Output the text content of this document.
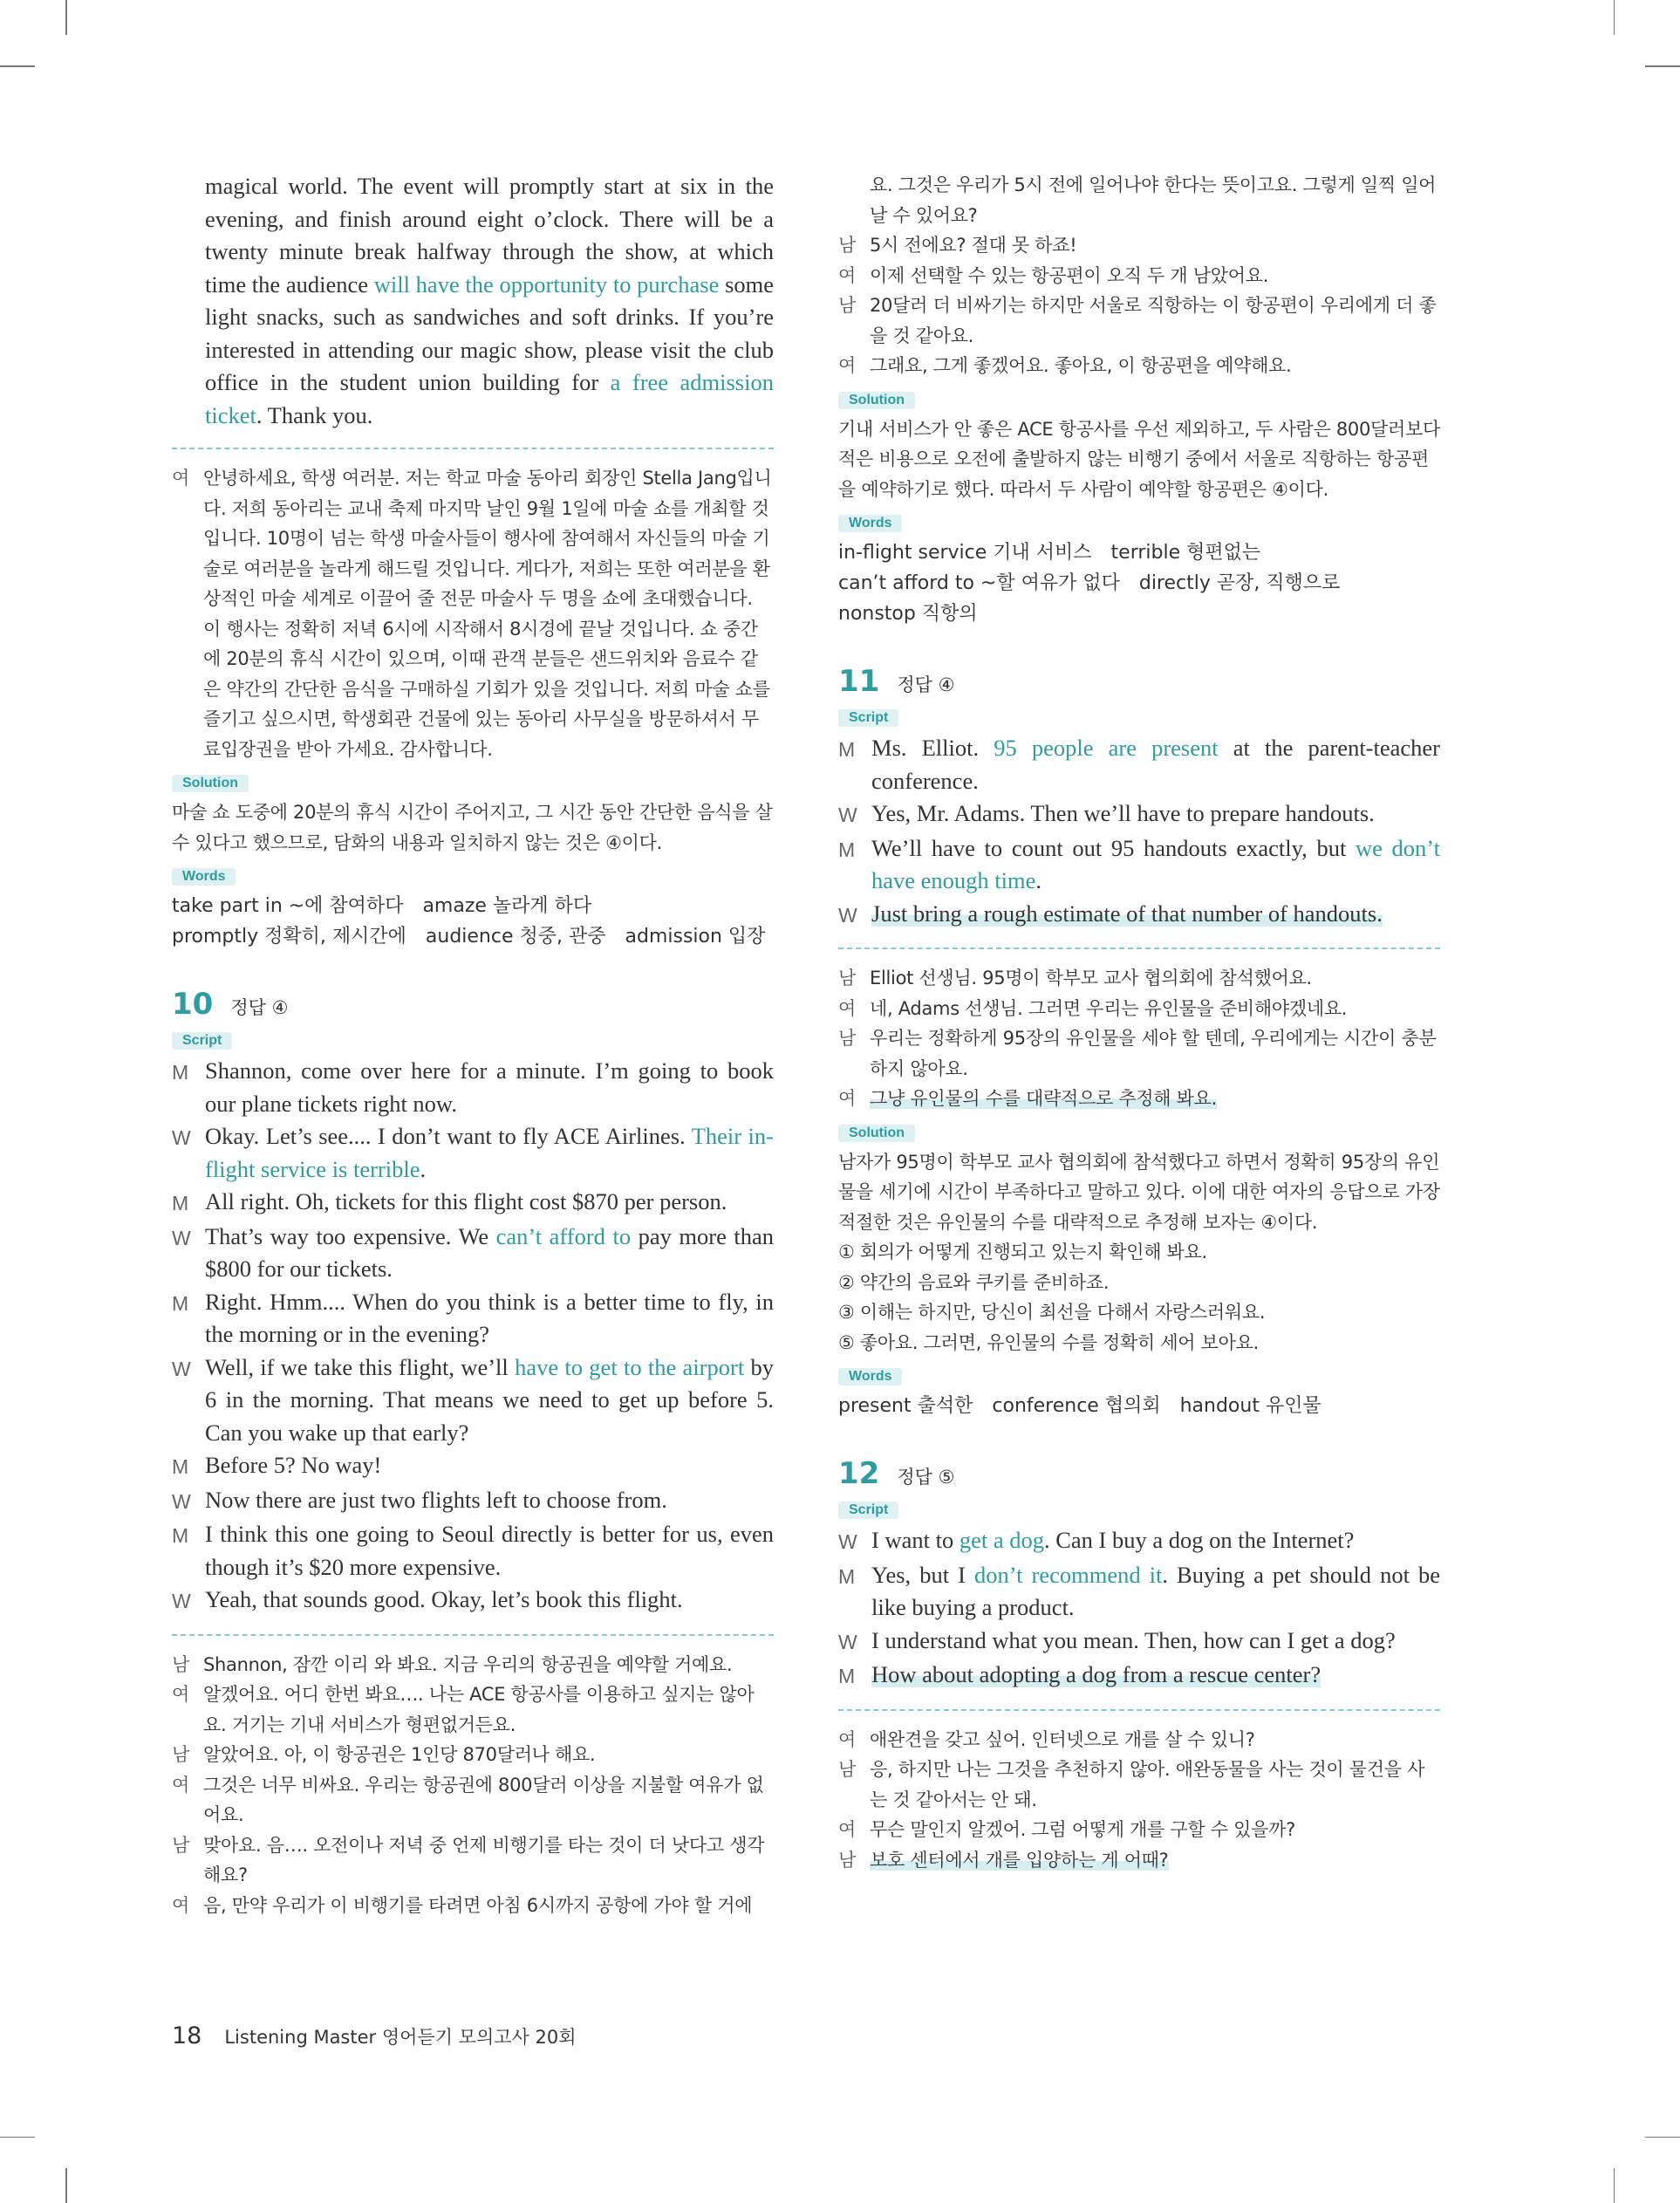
magical world. The event will promptly start at six in the evening, and finish around eight o’clock. There will be a twenty minute break halfway through the show, at which time the audience will have the opportunity to purchase some light snacks, such as sandwiches and soft drinks. If you’re interested in attending our magic show, please visit the club office in the student union building for a free admission ticket. Thank you.

여 안녕하세요, 학생 여러분. 저는 학교 마술 동아리 회장인 Stella Jang입니다. 저희 동아리는 교내 축제 마지막 날인 9월 1일에 마술 쇼를 개최할 것입니다. 10명이 넘는 학생 마술사들이 행사에 참여해서 자신들의 마술 기술로 여러분을 놀라게 해드릴 것입니다. 게다가, 저희는 또한 여러분을 환상적인 마술 세계로 이끌어 줄 전문 마술사 두 명을 쇼에 초대했습니다. 이 행사는 정확히 저녁 6시에 시작해서 8시경에 끝날 것입니다. 쇼 중간에 20분의 휴식 시간이 있으며, 이때 관객 분들은 샌드위치와 음료수 같은 약간의 간단한 음식을 구매하실 기회가 있을 것입니다. 저희 마술 쇼를 즐기고 싶으시면, 학생회관 건물에 있는 동아리 사무실을 방문하셔서 무료입장권을 받아 가세요. 감사합니다.
Solution

마술 쇼 도중에 20분의 휴식 시간이 주어지고, 그 시간 동안 간단한 음식을 살 수 있다고 했으므로, 담화의 내용과 일치하지 않는 것은 ④이다.

Words
take part in ~에 참여하다 amaze 놀라게 하다
promptly 정확히, 제시간에 audience 청중, 관중 admission 입장
10 정답 ④
Script
M Shannon, come over here for a minute. I’m going to book our plane tickets right now.
W Okay. Let’s see.... I don’t want to fly ACE Airlines. Their in-flight service is terrible.
M All right. Oh, tickets for this flight cost $870 per person.
W That’s way too expensive. We can’t afford to pay more than $800 for our tickets.
M Right. Hmm.... When do you think is a better time to fly, in the morning or in the evening?
W Well, if we take this flight, we’ll have to get to the airport by 6 in the morning. That means we need to get up before 5. Can you wake up that early?
M Before 5? No way!
W Now there are just two flights left to choose from.
M I think this one going to Seoul directly is better for us, even though it’s $20 more expensive.
W Yeah, that sounds good. Okay, let’s book this flight.
남 Shannon, 잠깐 이리 와 봐요. 지금 우리의 항공권을 예약할 거예요.
여 알겠어요. 어디 한번 봐요…. 나는 ACE 항공사를 이용하고 싶지는 않아요. 거기는 기내 서비스가 형편없거든요.
남 알았어요. 아, 이 항공권은 1인당 870달러나 해요.
여 그것은 너무 비싸요. 우리는 항공권에 800달러 이상을 지불할 여유가 없어요.
남 맞아요. 음…. 오전이나 저녁 중 언제 비행기를 타는 것이 더 낫다고 생각해요?
여 음, 만약 우리가 이 비행기를 타려면 아침 6시까지 공항에 가야 할 거에
요. 그것은 우리가 5시 전에 일어나야 한다는 뜻이고요. 그렇게 일찍 일어날 수 있어요?
남 5시 전에요? 절대 못 하죠!
여 이제 선택할 수 있는 항공편이 오직 두 개 남았어요.
남 20달러 더 비싸기는 하지만 서울로 직항하는 이 항공편이 우리에게 더 좋을 것 같아요.
여 그래요, 그게 좋겠어요. 좋아요, 이 항공편을 예약해요.
Solution

기내 서비스가 안 좋은 ACE 항공사를 우선 제외하고, 두 사람은 800달러보다 적은 비용으로 오전에 출발하지 않는 비행기 중에서 서울로 직항하는 항공편을 예약하기로 했다. 따라서 두 사람이 예약할 항공편은 ④이다.

Words
in-flight service 기내 서비스 terrible 형편없는
can’t afford to ~할 여유가 없다 directly 곧장, 직행으로
nonstop 직항의
11 정답 ④
Script
M Ms. Elliot. 95 people are present at the parent-teacher conference.
W Yes, Mr. Adams. Then we’ll have to prepare handouts.
M We’ll have to count out 95 handouts exactly, but we don’t have enough time.
W Just bring a rough estimate of that number of handouts.
남 Elliot 선생님. 95명이 학부모 교사 협의회에 참석했어요.
여 네, Adams 선생님. 그러면 우리는 유인물을 준비해야겠네요.
남 우리는 정확하게 95장의 유인물을 세야 할 텐데, 우리에게는 시간이 충분하지 않아요.
여 그냥 유인물의 수를 대략적으로 추정해 봐요.
Solution

남자가 95명이 학부모 교사 협의회에 참석했다고 하면서 정확히 95장의 유인물을 세기에 시간이 부족하다고 말하고 있다. 이에 대한 여자의 응답으로 가장 적절한 것은 유인물의 수를 대략적으로 추정해 보자는 ④이다.

① 회의가 어떻게 진행되고 있는지 확인해 봐요.
② 약간의 음료와 쿠키를 준비하죠.
③ 이해는 하지만, 당신이 최선을 다해서 자랑스러워요.
⑤ 좋아요. 그러면, 유인물의 수를 정확히 세어 보아요.
Words
present 출석한 conference 협의회 handout 유인물
12 정답 ⑤
Script
W I want to get a dog. Can I buy a dog on the Internet?
M Yes, but I don’t recommend it. Buying a pet should not be like buying a product.
W I understand what you mean. Then, how can I get a dog?
M How about adopting a dog from a rescue center?
여 애완견을 갖고 싶어. 인터넷으로 개를 살 수 있니?
남 응, 하지만 나는 그것을 추천하지 않아. 애완동물을 사는 것이 물건을 사는 것 같아서는 안 돼.
여 무슨 말인지 알겠어. 그럼 어떻게 개를 구할 수 있을까?
남 보호 센터에서 개를 입양하는 게 어때?
18 Listening Master 영어듣기 모의고사 20회
